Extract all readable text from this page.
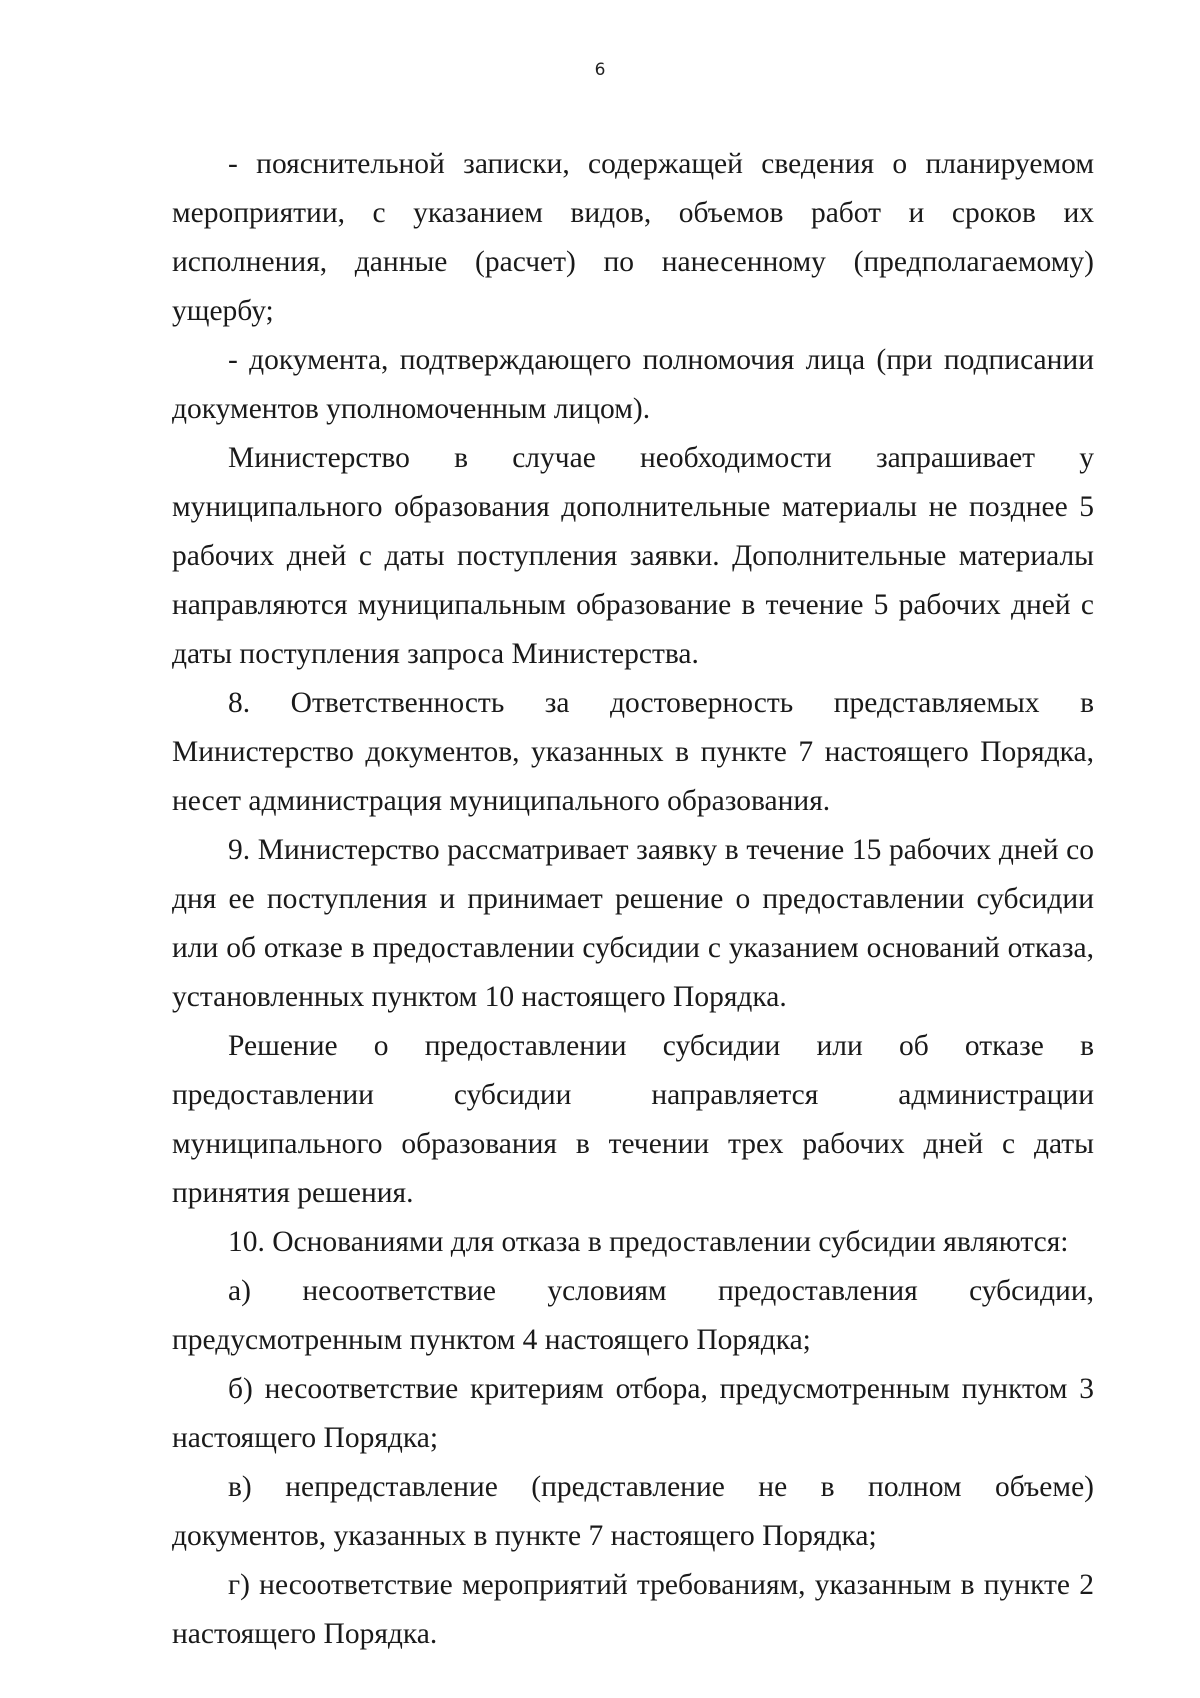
6

- пояснительной записки, содержащей сведения о планируемом мероприятии, с указанием видов, объемов работ и сроков их исполнения, данные (расчет) по нанесенному (предполагаемому) ущербу;

- документа, подтверждающего полномочия лица (при подписании документов уполномоченным лицом).

Министерство в случае необходимости запрашивает у муниципального образования дополнительные материалы не позднее 5 рабочих дней с даты поступления заявки. Дополнительные материалы направляются муниципальным образование в течение 5 рабочих дней с даты поступления запроса Министерства.

8. Ответственность за достоверность представляемых в Министерство документов, указанных в пункте 7 настоящего Порядка, несет администрация муниципального образования.

9. Министерство рассматривает заявку в течение 15 рабочих дней со дня ее поступления и принимает решение о предоставлении субсидии или об отказе в предоставлении субсидии с указанием оснований отказа, установленных пунктом 10 настоящего Порядка.

Решение о предоставлении субсидии или об отказе в предоставлении субсидии направляется администрации муниципального образования в течении трех рабочих дней с даты принятия решения.

10. Основаниями для отказа в предоставлении субсидии являются:

а) несоответствие условиям предоставления субсидии, предусмотренным пунктом 4 настоящего Порядка;

б) несоответствие критериям отбора, предусмотренным пунктом 3 настоящего Порядка;

в) непредставление (представление не в полном объеме) документов, указанных в пункте 7 настоящего Порядка;

г) несоответствие мероприятий требованиям, указанным в пункте 2 настоящего Порядка.
